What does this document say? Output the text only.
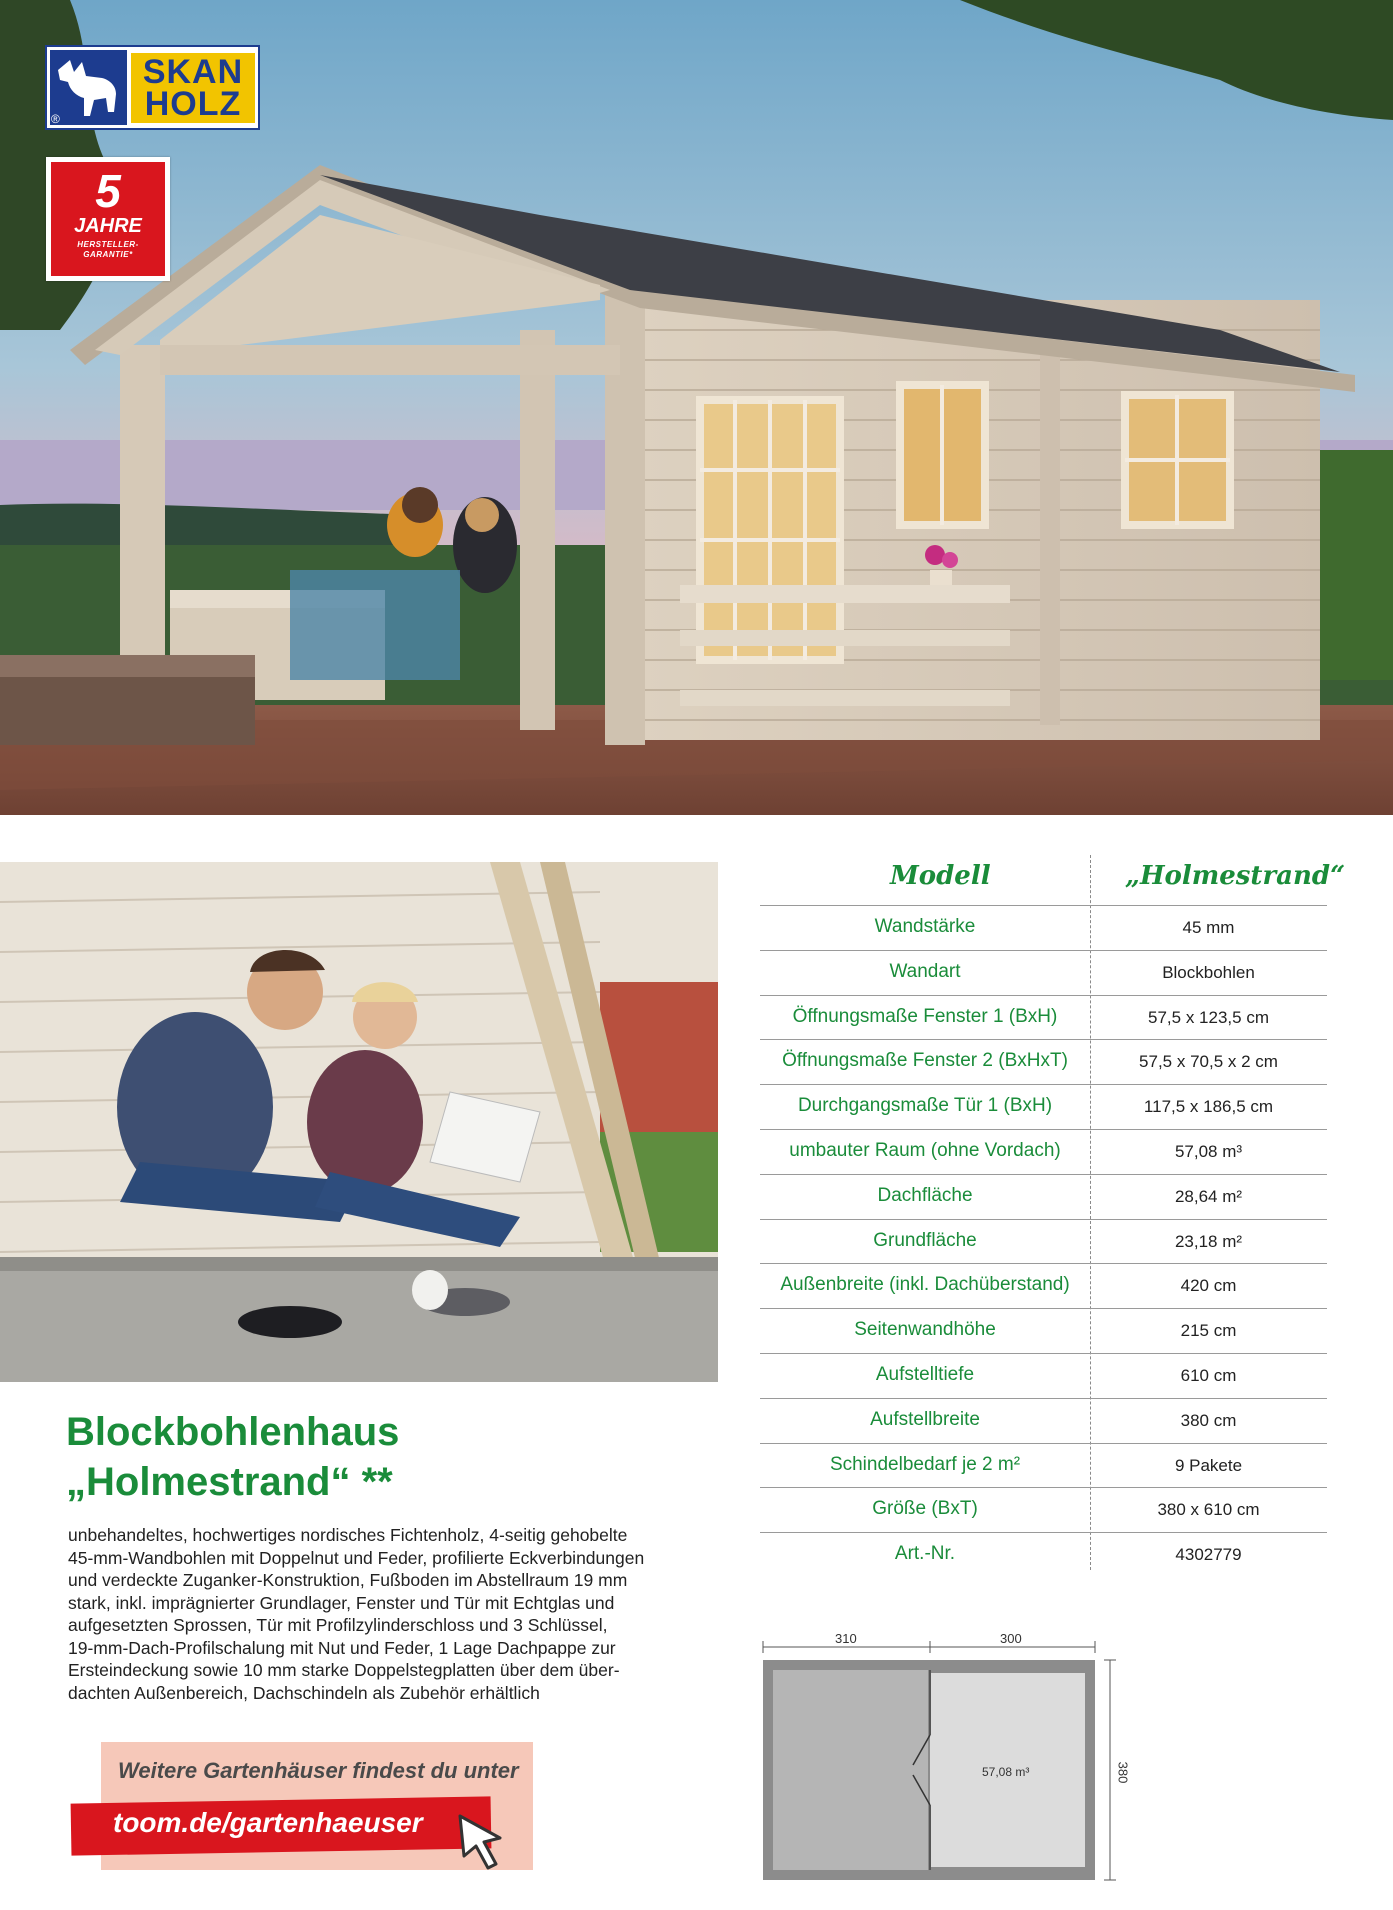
SKAN
HOLZ
®
5
JAHRE
HERSTELLER-
GARANTIE*
Blockbohlenhaus
„Holmestrand“ **
unbehandeltes, hochwertiges nordisches Fichtenholz, 4-seitig gehobelte
45-mm-Wandbohlen mit Doppelnut und Feder, profilierte Eckverbindungen
und verdeckte Zuganker-Konstruktion, Fußboden im Abstellraum 19 mm
stark, inkl. imprägnierter Grundlager, Fenster und Tür mit Echtglas und
aufgesetzten Sprossen, Tür mit Profilzylinderschloss und 3 Schlüssel,
19-mm-Dach-Profilschalung mit Nut und Feder, 1 Lage Dachpappe zur
Ersteindeckung sowie 10 mm starke Doppelstegplatten über dem über-
dachten Außenbereich, Dachschindeln als Zubehör erhältlich
Weitere Gartenhäuser findest du unter
toom.de/gartenhaeuser
Modell	„Holmestrand“
Wandstärke	45 mm
Wandart	Blockbohlen
Öffnungsmaße Fenster 1 (BxH)	57,5 x 123,5 cm
Öffnungsmaße Fenster 2 (BxHxT)	57,5 x 70,5 x 2 cm
Durchgangsmaße Tür 1 (BxH)	117,5 x 186,5 cm
umbauter Raum (ohne Vordach)	57,08 m³
Dachfläche	28,64 m²
Grundfläche	23,18 m²
Außenbreite (inkl. Dachüberstand)	420 cm
Seitenwandhöhe	215 cm
Aufstelltiefe	610 cm
Aufstellbreite	380 cm
Schindelbedarf je 2 m²	9 Pakete
Größe (BxT)	380 x 610 cm
Art.-Nr.	4302779
310	300
57,08 m³	380
